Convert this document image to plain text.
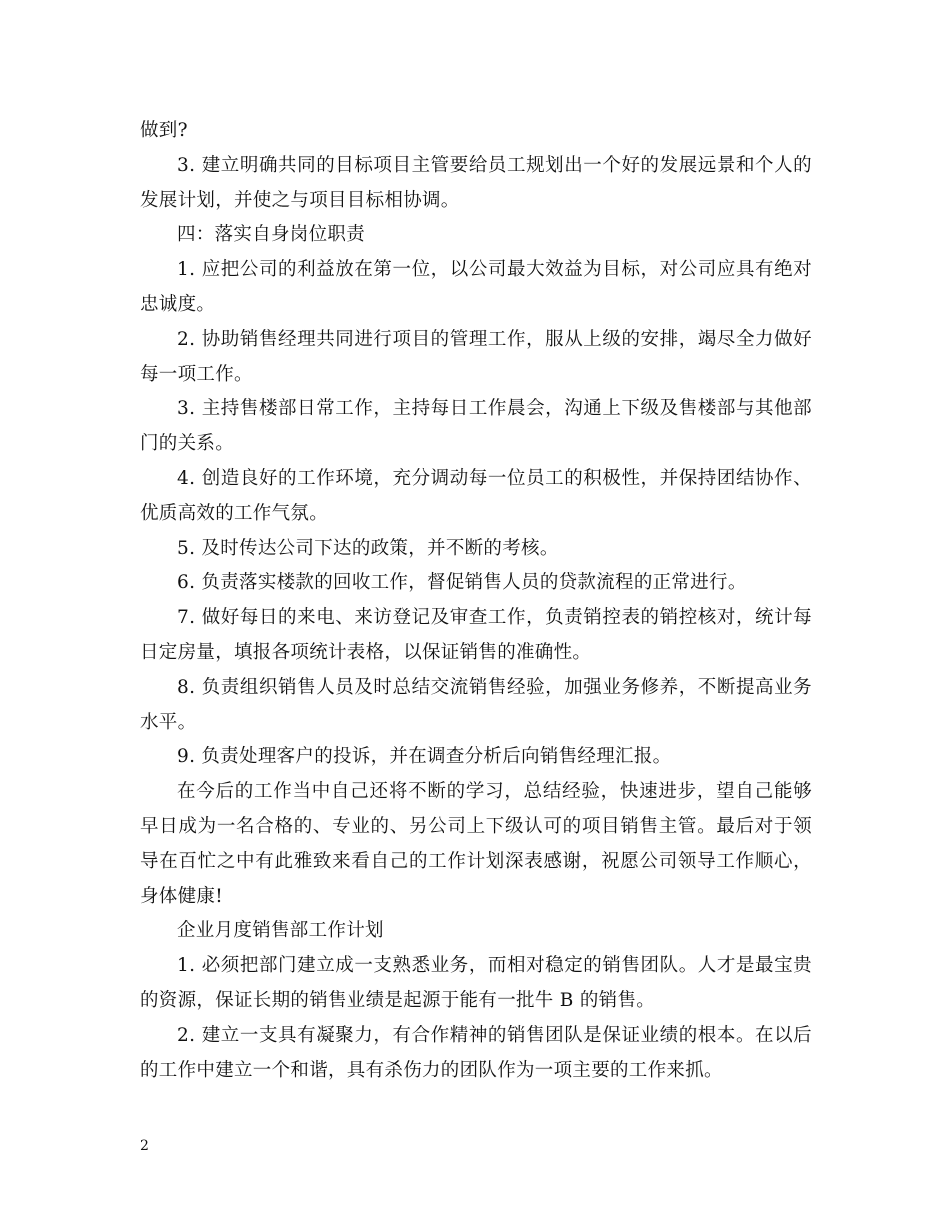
做到?

3. 建立明确共同的目标项目主管要给员工规划出一个好的发展远景和个人的发展计划，并使之与项目目标相协调。

四：落实自身岗位职责

1. 应把公司的利益放在第一位，以公司最大效益为目标，对公司应具有绝对忠诚度。

2. 协助销售经理共同进行项目的管理工作，服从上级的安排，竭尽全力做好每一项工作。

3. 主持售楼部日常工作，主持每日工作晨会，沟通上下级及售楼部与其他部门的关系。

4. 创造良好的工作环境，充分调动每一位员工的积极性，并保持团结协作、优质高效的工作气氛。

5. 及时传达公司下达的政策，并不断的考核。

6. 负责落实楼款的回收工作，督促销售人员的贷款流程的正常进行。

7. 做好每日的来电、来访登记及审查工作，负责销控表的销控核对，统计每日定房量，填报各项统计表格，以保证销售的准确性。

8. 负责组织销售人员及时总结交流销售经验，加强业务修养，不断提高业务水平。

9. 负责处理客户的投诉，并在调查分析后向销售经理汇报。

在今后的工作当中自己还将不断的学习，总结经验，快速进步，望自己能够早日成为一名合格的、专业的、另公司上下级认可的项目销售主管。最后对于领导在百忙之中有此雅致来看自己的工作计划深表感谢，祝愿公司领导工作顺心，身体健康!

企业月度销售部工作计划

1. 必须把部门建立成一支熟悉业务，而相对稳定的销售团队。人才是最宝贵的资源，保证长期的销售业绩是起源于能有一批牛 B 的销售。

2. 建立一支具有凝聚力，有合作精神的销售团队是保证业绩的根本。在以后的工作中建立一个和谐，具有杀伤力的团队作为一项主要的工作来抓。

2
